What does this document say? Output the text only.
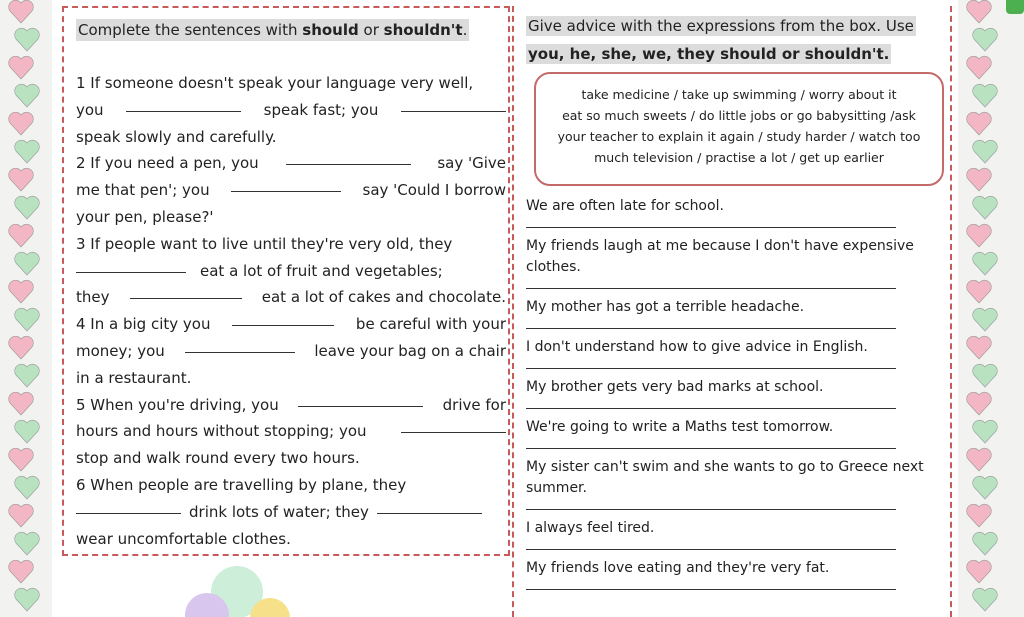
Complete the sentences with should or shouldn't.
1 If someone doesn't speak your language very well,
you	speak fast; you
speak slowly and carefully.
2 If you need a pen, you	say 'Give
me that pen'; you	say 'Could I borrow
your pen, please?'
3 If people want to live until they're very old, they
eat a lot of fruit and vegetables;
they	eat a lot of cakes and chocolate.
4 In a big city you	be careful with your
money; you	leave your bag on a chair
in a restaurant.
5 When you're driving, you	drive for
hours and hours without stopping; you
stop and walk round every two hours.
6 When people are travelling by plane, they
drink lots of water; they
wear uncomfortable clothes.
Give advice with the expressions from the box. Use
you, he, she, we, they should or shouldn't.
take medicine / take up swimming / worry about it
eat so much sweets / do little jobs or go babysitting /ask
your teacher to explain it again / study harder / watch too
much television / practise a lot / get up earlier
We are often late for school.
My friends laugh at me because I don't have expensive clothes.
My mother has got a terrible headache.
I don't understand how to give advice in English.
My brother gets very bad marks at school.
We're going to write a Maths test tomorrow.
My sister can't swim and she wants to go to Greece next summer.
I always feel tired.
My friends love eating and they're very fat.
